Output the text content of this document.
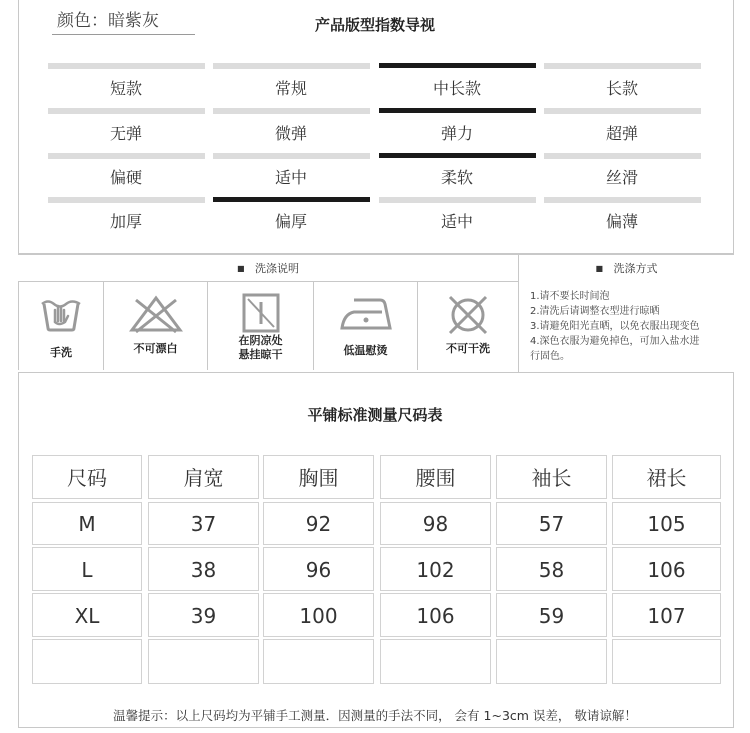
颜色：暗紫灰	产品版型指数导视
短款	常规	中长款	长款
无弹	微弹	弹力	超弹
偏硬	适中	柔软	丝滑
加厚	偏厚	适中	偏薄
■ 洗涤说明	■ 洗涤方式
手洗	不可漂白
在阴凉处
悬挂晾干	低温慰烫	不可干洗
1.请不要长时间泡
2.清洗后请调整衣型进行晾晒
3.请避免阳光直晒，以免衣服出现变色
4.深色衣服为避免掉色，可加入盐水进
行固色。
平铺标准测量尺码表
尺码	肩宽	胸围	腰围	袖长	裙长
M	37	92	98	57	105
L	38	96	102	58	106
XL	39	100	106	59	107
温馨提示：以上尺码均为平铺手工测量．因测量的手法不同， 会有 1~3cm 误差， 敬请谅解！
